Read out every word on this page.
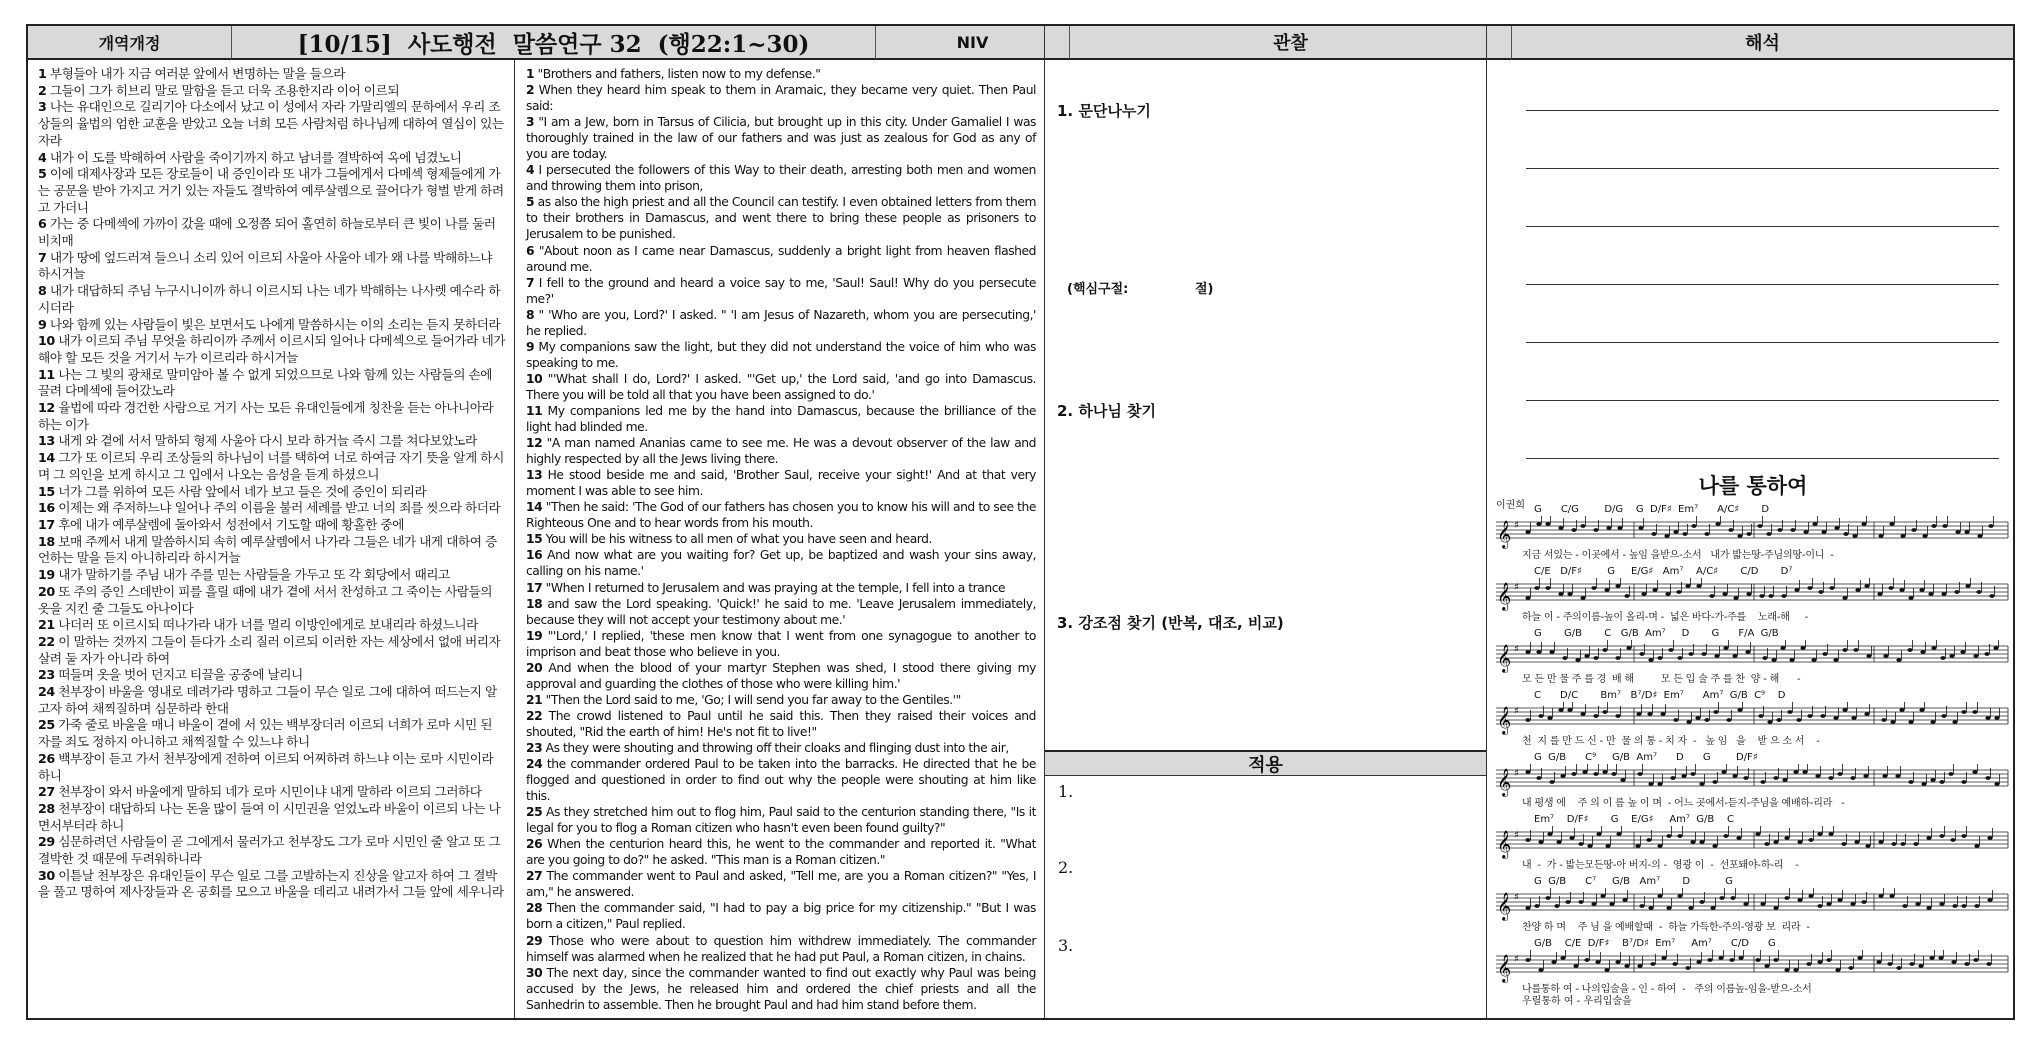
개역개정	[10/15]  사도행전  말씀연구 32  (행22:1~30)	NIV	관찰	해석

1 부형들아 내가 지금 여러분 앞에서 변명하는 말을 들으라

2 그들이 그가 히브리 말로 말함을 듣고 더욱 조용한지라 이어 이르되

3 나는 유대인으로 길리기아 다소에서 났고 이 성에서 자라 가말리엘의 문하에서 우리 조상들의 율법의 엄한 교훈을 받았고 오늘 너희 모든 사람처럼 하나님께 대하여 열심이 있는 자라

4 내가 이 도를 박해하여 사람을 죽이기까지 하고 남녀를 결박하여 옥에 넘겼노니

5 이에 대제사장과 모든 장로들이 내 증인이라 또 내가 그들에게서 다메섹 형제들에게 가는 공문을 받아 가지고 거기 있는 자들도 결박하여 예루살렘으로 끌어다가 형벌 받게 하려고 가더니

6 가는 중 다메섹에 가까이 갔을 때에 오정쯤 되어 홀연히 하늘로부터 큰 빛이 나를 둘러 비치매

7 내가 땅에 엎드러져 들으니 소리 있어 이르되 사울아 사울아 네가 왜 나를 박해하느냐 하시거늘

8 내가 대답하되 주님 누구시니이까 하니 이르시되 나는 네가 박해하는 나사렛 예수라 하시더라

9 나와 함께 있는 사람들이 빛은 보면서도 나에게 말씀하시는 이의 소리는 듣지 못하더라

10 내가 이르되 주님 무엇을 하리이까 주께서 이르시되 일어나 다메섹으로 들어가라 네가 해야 할 모든 것을 거기서 누가 이르리라 하시거늘

11 나는 그 빛의 광채로 말미암아 볼 수 없게 되었으므로 나와 함께 있는 사람들의 손에 끌려 다메섹에 들어갔노라

12 율법에 따라 경건한 사람으로 거기 사는 모든 유대인들에게 칭찬을 듣는 아나니아라 하는 이가

13 내게 와 곁에 서서 말하되 형제 사울아 다시 보라 하거늘 즉시 그를 쳐다보았노라

14 그가 또 이르되 우리 조상들의 하나님이 너를 택하여 너로 하여금 자기 뜻을 알게 하시며 그 의인을 보게 하시고 그 입에서 나오는 음성을 듣게 하셨으니

15 너가 그를 위하여 모든 사람 앞에서 네가 보고 들은 것에 증인이 되리라

16 이제는 왜 주저하느냐 일어나 주의 이름을 불러 세례를 받고 너의 죄를 씻으라 하더라

17 후에 내가 예루살렘에 돌아와서 성전에서 기도할 때에 황홀한 중에

18 보매 주께서 내게 말씀하시되 속히 예루살렘에서 나가라 그들은 네가 내게 대하여 증언하는 말을 듣지 아니하리라 하시거늘

19 내가 말하기를 주님 내가 주를 믿는 사람들을 가두고 또 각 회당에서 때리고

20 또 주의 증인 스데반이 피를 흘릴 때에 내가 곁에 서서 찬성하고 그 죽이는 사람들의 옷을 지킨 줄 그들도 아나이다

21 나더러 또 이르시되 떠나가라 내가 너를 멀리 이방인에게로 보내리라 하셨느니라

22 이 말하는 것까지 그들이 듣다가 소리 질러 이르되 이러한 자는 세상에서 없애 버리자 살려 둘 자가 아니라 하여

23 떠들며 옷을 벗어 던지고 티끌을 공중에 날리니

24 천부장이 바울을 영내로 데려가라 명하고 그들이 무슨 일로 그에 대하여 떠드는지 알고자 하여 채찍질하며 심문하라 한대

25 가죽 줄로 바울을 매니 바울이 곁에 서 있는 백부장더러 이르되 너희가 로마 시민 된 자를 죄도 정하지 아니하고 채찍질할 수 있느냐 하니

26 백부장이 듣고 가서 천부장에게 전하여 이르되 어찌하려 하느냐 이는 로마 시민이라 하니

27 천부장이 와서 바울에게 말하되 네가 로마 시민이냐 내게 말하라 이르되 그러하다

28 천부장이 대답하되 나는 돈을 많이 들여 이 시민권을 얻었노라 바울이 이르되 나는 나면서부터라 하니

29 심문하려던 사람들이 곧 그에게서 물러가고 천부장도 그가 로마 시민인 줄 알고 또 그 결박한 것 때문에 두려워하니라

30 이튿날 천부장은 유대인들이 무슨 일로 그를 고발하는지 진상을 알고자 하여 그 결박을 풀고 명하여 제사장들과 온 공회를 모으고 바울을 데리고 내려가서 그들 앞에 세우니라

1 "Brothers and fathers, listen now to my defense."

2 When they heard him speak to them in Aramaic, they became very quiet. Then Paul said:

3 "I am a Jew, born in Tarsus of Cilicia, but brought up in this city. Under Gamaliel I was thoroughly trained in the law of our fathers and was just as zealous for God as any of you are today.

4 I persecuted the followers of this Way to their death, arresting both men and women and throwing them into prison,

5 as also the high priest and all the Council can testify. I even obtained letters from them to their brothers in Damascus, and went there to bring these people as prisoners to Jerusalem to be punished.

6 "About noon as I came near Damascus, suddenly a bright light from heaven flashed around me.

7 I fell to the ground and heard a voice say to me, 'Saul! Saul! Why do you persecute me?'

8 " 'Who are you, Lord?' I asked. " 'I am Jesus of Nazareth, whom you are persecuting,' he replied.

9 My companions saw the light, but they did not understand the voice of him who was speaking to me.

10 "'What shall I do, Lord?' I asked. "'Get up,' the Lord said, 'and go into Damascus. There you will be told all that you have been assigned to do.'

11 My companions led me by the hand into Damascus, because the brilliance of the light had blinded me.

12 "A man named Ananias came to see me. He was a devout observer of the law and highly respected by all the Jews living there.

13 He stood beside me and said, 'Brother Saul, receive your sight!' And at that very moment I was able to see him.

14 "Then he said: 'The God of our fathers has chosen you to know his will and to see the Righteous One and to hear words from his mouth.

15 You will be his witness to all men of what you have seen and heard.

16 And now what are you waiting for? Get up, be baptized and wash your sins away, calling on his name.'

17 "When I returned to Jerusalem and was praying at the temple, I fell into a trance

18 and saw the Lord speaking. 'Quick!' he said to me. 'Leave Jerusalem immediately, because they will not accept your testimony about me.'

19 "'Lord,' I replied, 'these men know that I went from one synagogue to another to imprison and beat those who believe in you.

20 And when the blood of your martyr Stephen was shed, I stood there giving my approval and guarding the clothes of those who were killing him.'

21 "Then the Lord said to me, 'Go; I will send you far away to the Gentiles.'"

22 The crowd listened to Paul until he said this. Then they raised their voices and shouted, "Rid the earth of him! He's not fit to live!"

23 As they were shouting and throwing off their cloaks and flinging dust into the air,

24 the commander ordered Paul to be taken into the barracks. He directed that he be flogged and questioned in order to find out why the people were shouting at him like this.

25 As they stretched him out to flog him, Paul said to the centurion standing there, "Is it legal for you to flog a Roman citizen who hasn't even been found guilty?"

26 When the centurion heard this, he went to the commander and reported it. "What are you going to do?" he asked. "This man is a Roman citizen."

27 The commander went to Paul and asked, "Tell me, are you a Roman citizen?" "Yes, I am," he answered.

28 Then the commander said, "I had to pay a big price for my citizenship." "But I was born a citizen," Paul replied.

29 Those who were about to question him withdrew immediately. The commander himself was alarmed when he realized that he had put Paul, a Roman citizen, in chains.

30 The next day, since the commander wanted to find out exactly why Paul was being accused by the Jews, he released him and ordered the chief priests and all the Sanhedrin to assemble. Then he brought Paul and had him stand before them.

1. 문단나누기
(핵심구절:	절)
2. 하나님 찾기
3. 강조점 찾기 (반복, 대조, 비교)
적용
1.
2.
3.
나를 통하여
이권희 G      C/G        D/G    G  D/F♯  Em⁷      A/C♯       D
𝄞 ♯
지금 서있는 - 이곳에서 - 높임 을받으-소서   내가 밟는땅-주님의땅-이니  -
C/E   D/F♯        G     E/G♯   Am⁷    A/C♯       C/D       D⁷
𝄞 ♯
하늘 이 - 주의이름-높이 올리-며 -  넓은 바다-가-주를    노래-해     -
G       G/B       C   G/B  Am⁷     D       G      F/A  G/B
𝄞 ♯
모 든 만 물 주 를 경  배 해         모 든 입 술 주 를 찬  양 - 해      -
C      D/C       Bm⁷   B⁷/D♯  Em⁷      Am⁷  G/B  C⁹    D
𝄞 ♯
천  지 를 만 드 신 - 만  물 의 통 - 치 자  -   높 임   을    받 으 소 서    -
G  G/B      C⁹     G/B  Am⁷      D      G        D/F♯
𝄞 ♯
내 평생 에    주 의 이 름 높 이 며  - 어느 곳에서-듣지-주님을 예배하-리라   -
Em⁷    D/F♯       G    E/G♯     Am⁷  G/B    C
𝄞 ♯
내  -  가 - 밟는모든땅-아 버지-의 -  영광 이  -  선포돼야-하-리    -
G  G/B      C⁷     G/B   Am⁷       D           G
𝄞 ♯
찬양 하 며    주 님 을 예배할때  -  하늘 가득한-주의-영광 보  리라  -
G/B    C/E  D/F♯    B⁷/D♯  Em⁷     Am⁷      C/D      G
𝄞 ♯
나를통하 여 - 나의입술을 - 인 - 하여  -   주의 이름높-임을-받으-소서
우릴통하 여 - 우리입술을
